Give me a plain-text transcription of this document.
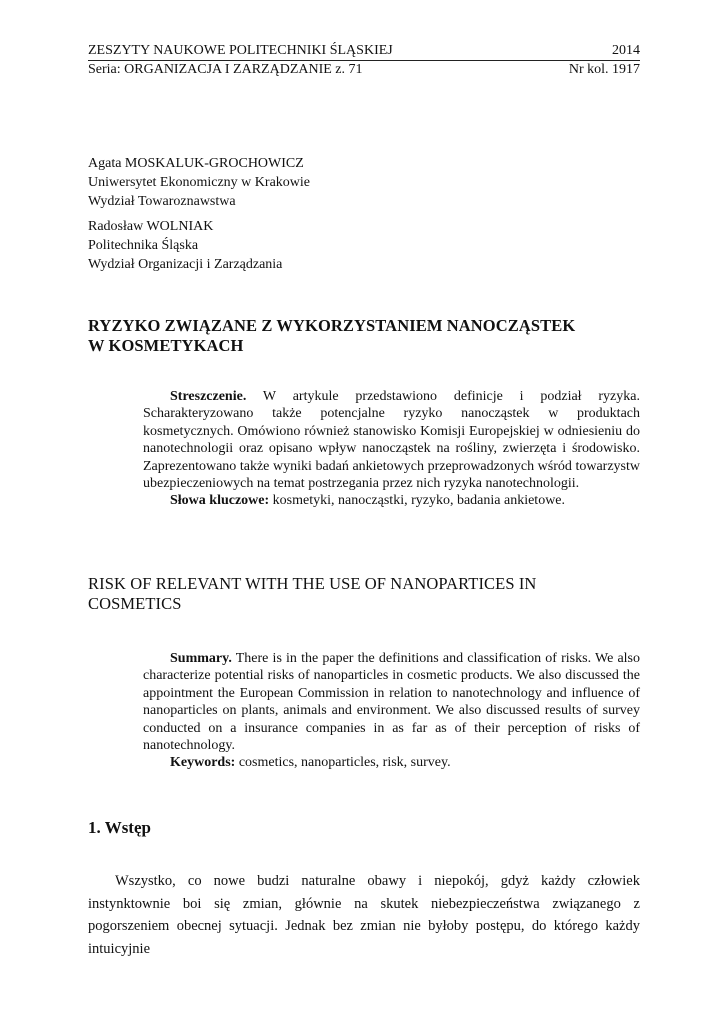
ZESZYTY NAUKOWE POLITECHNIKI ŚLĄSKIEJ	2014
Seria: ORGANIZACJA I ZARZĄDZANIE z. 71	Nr kol. 1917
Agata MOSKALUK-GROCHOWICZ
Uniwersytet Ekonomiczny w Krakowie
Wydział Towaroznawstwa
Radosław WOLNIAK
Politechnika Śląska
Wydział Organizacji i Zarządzania
RYZYKO ZWIĄZANE Z WYKORZYSTANIEM NANOCZĄSTEK
W KOSMETYKACH

Streszczenie. W artykule przedstawiono definicje i podział ryzyka. Scharakteryzowano także potencjalne ryzyko nanocząstek w produktach kosmetycznych. Omówiono również stanowisko Komisji Europejskiej w odniesieniu do nanotechnologii oraz opisano wpływ nanocząstek na rośliny, zwierzęta i środowisko. Zaprezentowano także wyniki badań ankietowych przeprowadzonych wśród towarzystw ubezpieczeniowych na temat postrzegania przez nich ryzyka nanotechnologii.

Słowa kluczowe: kosmetyki, nanocząstki, ryzyko, badania ankietowe.

RISK OF RELEVANT WITH THE USE OF NANOPARTICES IN
COSMETICS

Summary. There is in the paper the definitions and classification of risks. We also characterize potential risks of nanoparticles in cosmetic products. We also discussed the appointment the European Commission in relation to nanotechnology and influence of nanoparticles on plants, animals and environment. We also discussed results of survey conducted on a insurance companies in as far as of their perception of risks of nanotechnology.

Keywords: cosmetics, nanoparticles, risk, survey.

1. Wstęp

Wszystko, co nowe budzi naturalne obawy i niepokój, gdyż każdy człowiek instynktownie boi się zmian, głównie na skutek niebezpieczeństwa związanego z pogorszeniem obecnej sytuacji. Jednak bez zmian nie byłoby postępu, do którego każdy intuicyjnie
